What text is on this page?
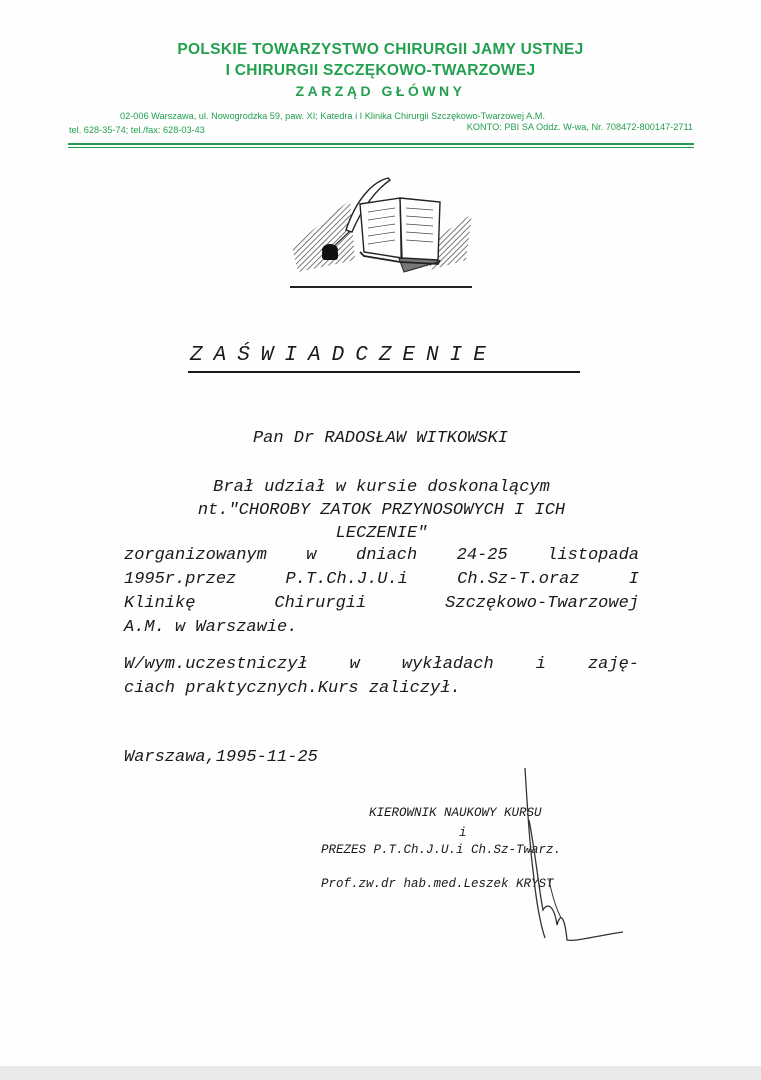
POLSKIE TOWARZYSTWO CHIRURGII JAMY USTNEJ
I CHIRURGII SZCZĘKOWO-TWARZOWEJ
ZARZĄD GŁÓWNY
02-006 Warszawa, ul. Nowogrodzka 59, paw. XI; Katedra i I Klinika Chirurgii Szczękowo-Twarzowej A.M.
tel. 628-35-74; tel./fax: 628-03-43	KONTO: PBI SA Oddz. W-wa, Nr. 708472-800147-2711
ZAŚWIADCZENIE
Pan Dr RADOSŁAW WITKOWSKI
Brał udział w kursie doskonalącym
nt."CHOROBY ZATOK PRZYNOSOWYCH I ICH
LECZENIE"
zorganizowanym w dniach 24-25 listopada
1995r.przez P.T.Ch.J.U.i Ch.Sz-T.oraz I
Klinikę Chirurgii Szczękowo-Twarzowej
A.M. w Warszawie.
W/wym.uczestniczył w wykładach i zaję-
ciach praktycznych.Kurs zaliczył.
Warszawa,1995-11-25
KIEROWNIK NAUKOWY KURSU
i
PREZES P.T.Ch.J.U.i Ch.Sz-Twarz.
Prof.zw.dr hab.med.Leszek KRYST
